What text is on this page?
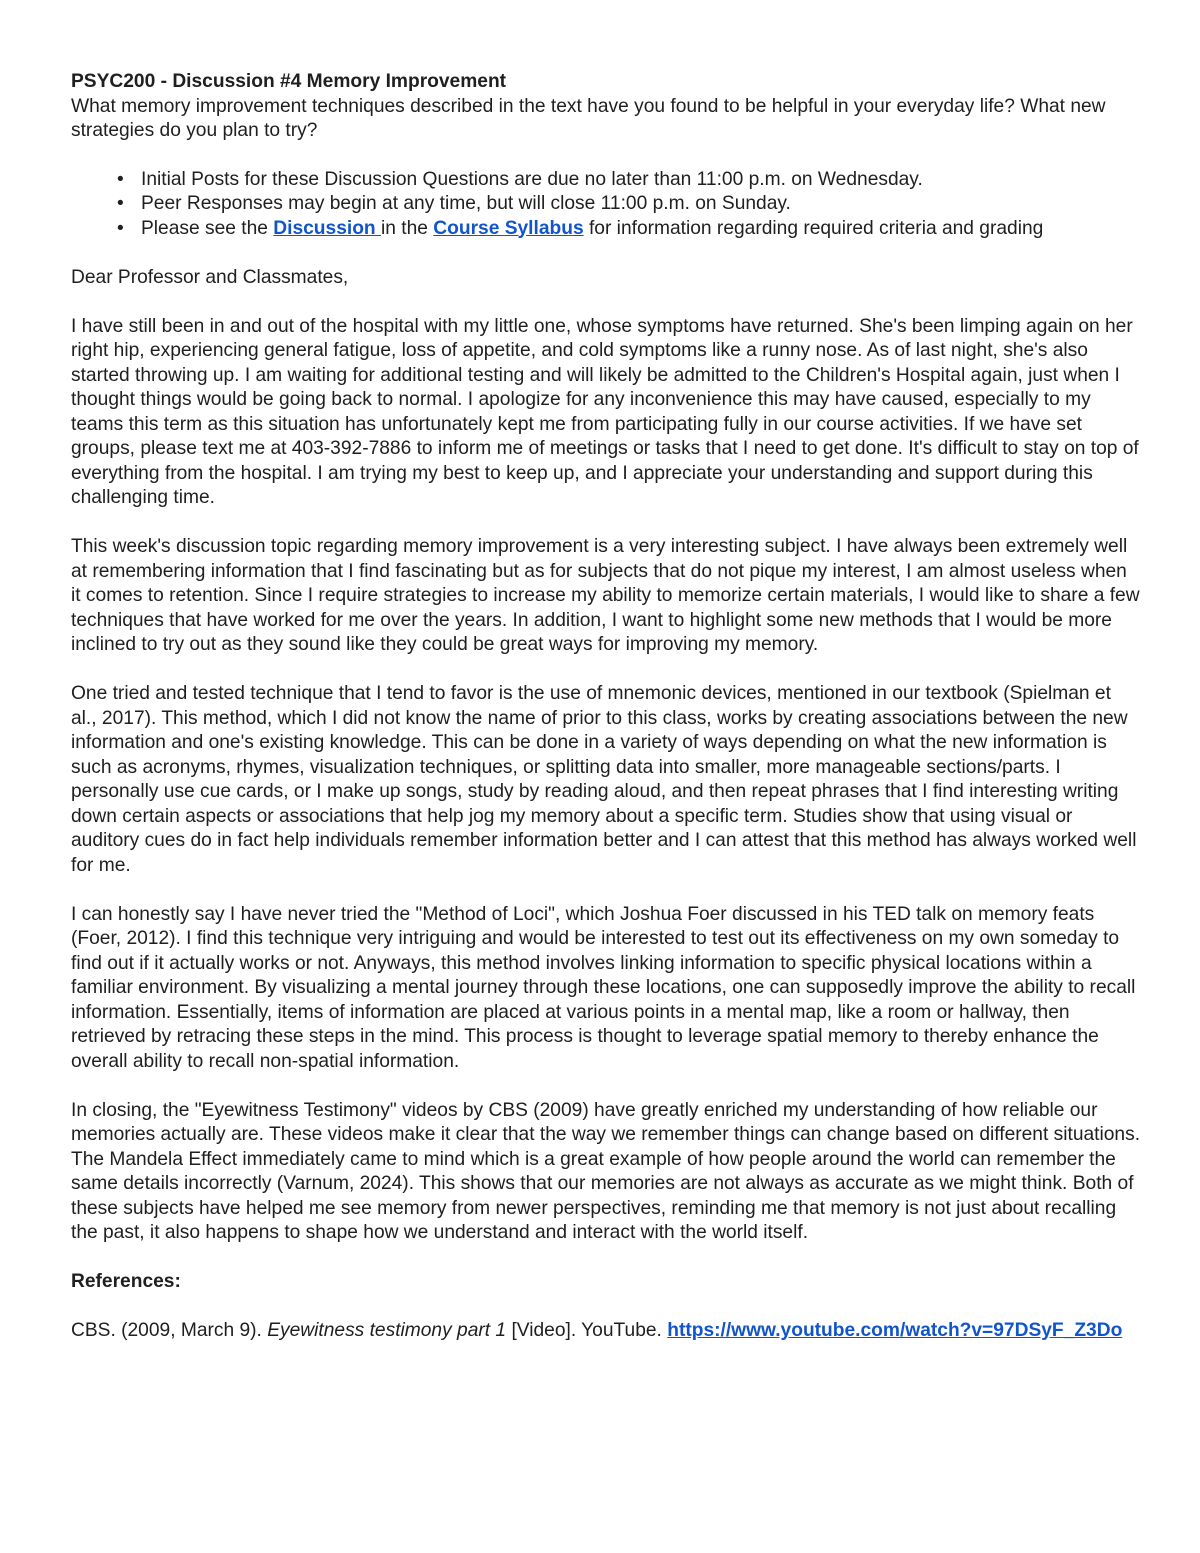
PSYC200 - Discussion #4 Memory Improvement
What memory improvement techniques described in the text have you found to be helpful in your everyday life? What new strategies do you plan to try?
• Initial Posts for these Discussion Questions are due no later than 11:00 p.m. on Wednesday.
• Peer Responses may begin at any time, but will close 11:00 p.m. on Sunday.
• Please see the Discussion in the Course Syllabus for information regarding required criteria and grading

Dear Professor and Classmates,

I have still been in and out of the hospital with my little one, whose symptoms have returned. She's been limping again on her right hip, experiencing general fatigue, loss of appetite, and cold symptoms like a runny nose. As of last night, she's also started throwing up. I am waiting for additional testing and will likely be admitted to the Children's Hospital again, just when I thought things would be going back to normal. I apologize for any inconvenience this may have caused, especially to my teams this term as this situation has unfortunately kept me from participating fully in our course activities. If we have set groups, please text me at 403-392-7886 to inform me of meetings or tasks that I need to get done. It's difficult to stay on top of everything from the hospital. I am trying my best to keep up, and I appreciate your understanding and support during this challenging time.

This week's discussion topic regarding memory improvement is a very interesting subject. I have always been extremely well at remembering information that I find fascinating but as for subjects that do not pique my interest, I am almost useless when it comes to retention. Since I require strategies to increase my ability to memorize certain materials, I would like to share a few techniques that have worked for me over the years. In addition, I want to highlight some new methods that I would be more inclined to try out as they sound like they could be great ways for improving my memory.

One tried and tested technique that I tend to favor is the use of mnemonic devices, mentioned in our textbook (Spielman et al., 2017). This method, which I did not know the name of prior to this class, works by creating associations between the new information and one's existing knowledge. This can be done in a variety of ways depending on what the new information is such as acronyms, rhymes, visualization techniques, or splitting data into smaller, more manageable sections/parts. I personally use cue cards, or I make up songs, study by reading aloud, and then repeat phrases that I find interesting writing down certain aspects or associations that help jog my memory about a specific term. Studies show that using visual or auditory cues do in fact help individuals remember information better and I can attest that this method has always worked well for me.

I can honestly say I have never tried the "Method of Loci", which Joshua Foer discussed in his TED talk on memory feats (Foer, 2012). I find this technique very intriguing and would be interested to test out its effectiveness on my own someday to find out if it actually works or not. Anyways, this method involves linking information to specific physical locations within a familiar environment. By visualizing a mental journey through these locations, one can supposedly improve the ability to recall information. Essentially, items of information are placed at various points in a mental map, like a room or hallway, then retrieved by retracing these steps in the mind. This process is thought to leverage spatial memory to thereby enhance the overall ability to recall non-spatial information.

In closing, the "Eyewitness Testimony" videos by CBS (2009) have greatly enriched my understanding of how reliable our memories actually are. These videos make it clear that the way we remember things can change based on different situations. The Mandela Effect immediately came to mind which is a great example of how people around the world can remember the same details incorrectly (Varnum, 2024). This shows that our memories are not always as accurate as we might think. Both of these subjects have helped me see memory from newer perspectives, reminding me that memory is not just about recalling the past, it also happens to shape how we understand and interact with the world itself.

References:
CBS. (2009, March 9). Eyewitness testimony part 1 [Video]. YouTube. https://www.youtube.com/watch?v=97DSyF_Z3Do
